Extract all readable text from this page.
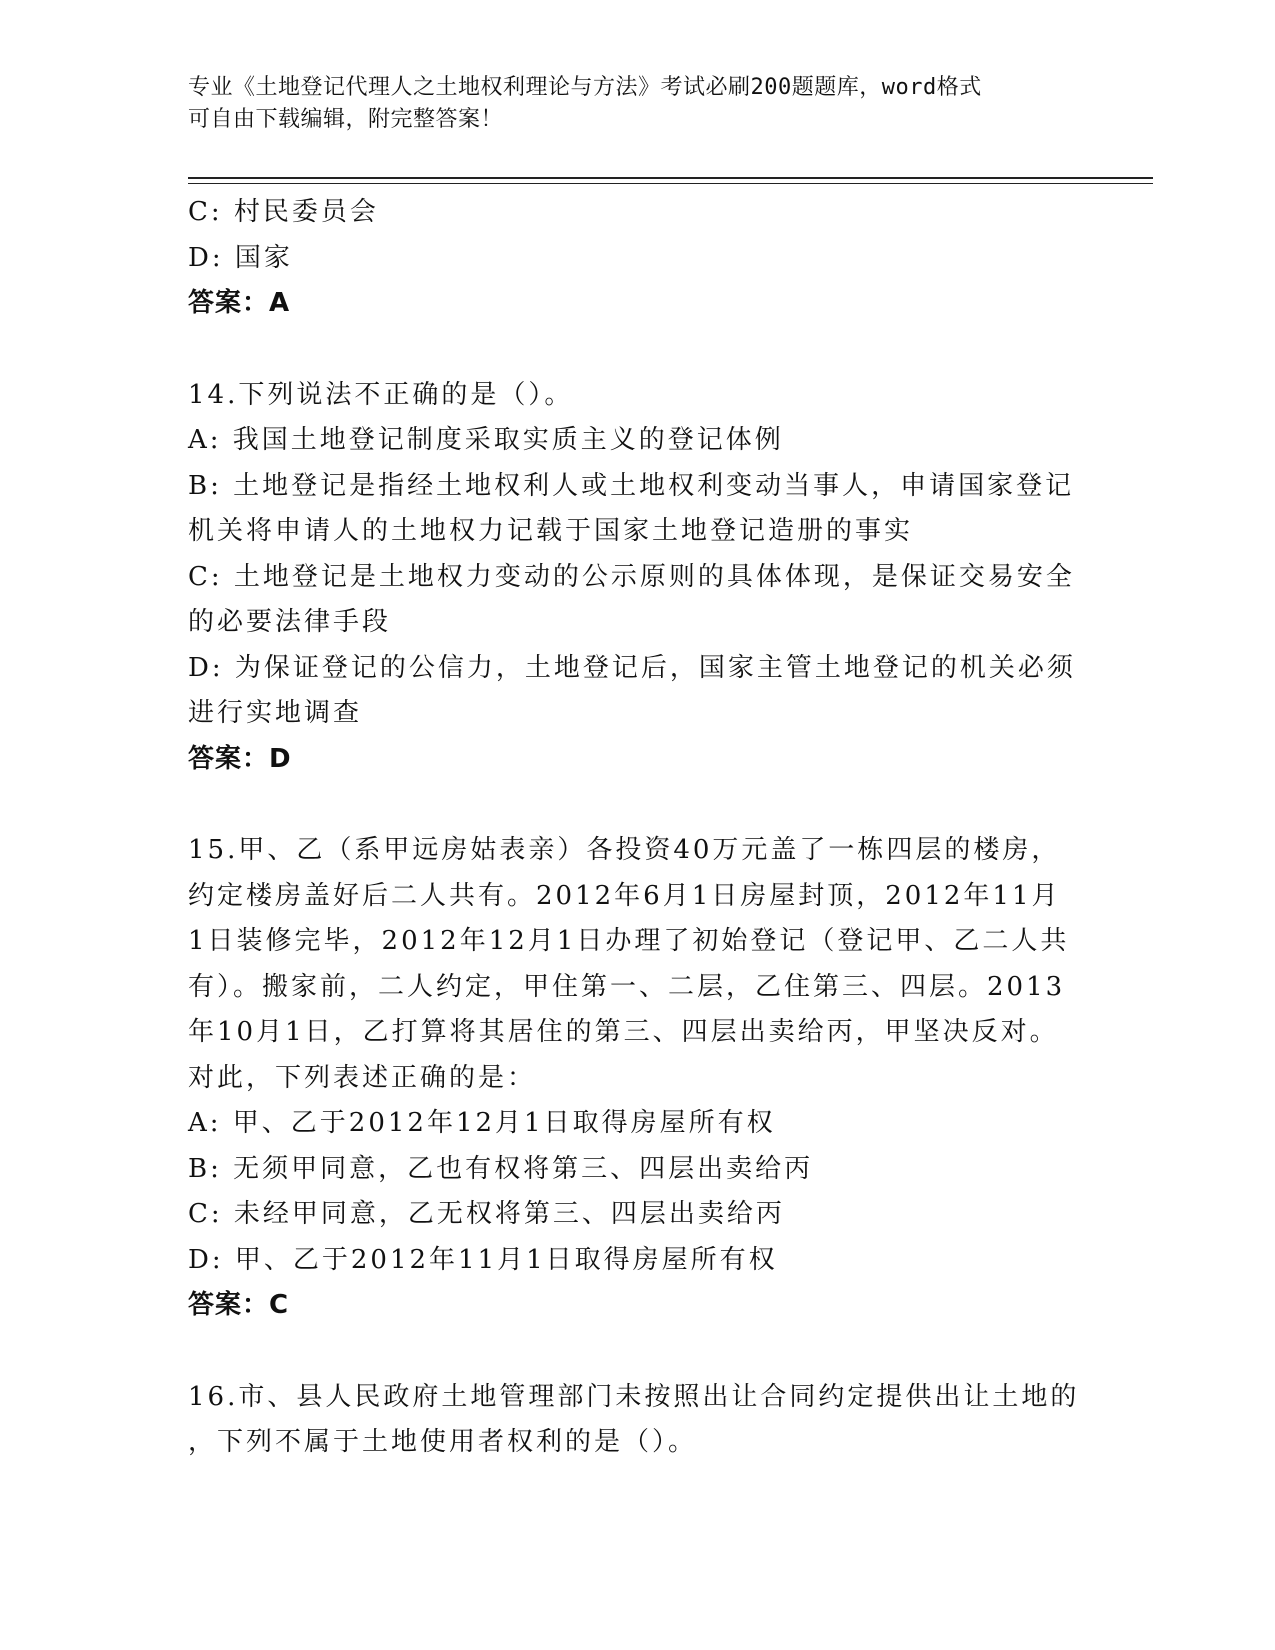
专业《土地登记代理人之土地权利理论与方法》考试必刷200题题库，word格式
可自由下载编辑，附完整答案！

C: 村民委员会

D: 国家

答案：A

14.下列说法不正确的是（）。

A: 我国土地登记制度采取实质主义的登记体例

B: 土地登记是指经土地权利人或土地权利变动当事人，申请国家登记

机关将申请人的土地权力记载于国家土地登记造册的事实

C: 土地登记是土地权力变动的公示原则的具体体现，是保证交易安全

的必要法律手段

D: 为保证登记的公信力，土地登记后，国家主管土地登记的机关必须

进行实地调查

答案：D

15.甲、乙（系甲远房姑表亲）各投资40万元盖了一栋四层的楼房，

约定楼房盖好后二人共有。2012年6月1日房屋封顶，2012年11月

1日装修完毕，2012年12月1日办理了初始登记（登记甲、乙二人共

有）。搬家前，二人约定，甲住第一、二层，乙住第三、四层。2013

年10月1日，乙打算将其居住的第三、四层出卖给丙，甲坚决反对。

对此，下列表述正确的是：

A: 甲、乙于2012年12月1日取得房屋所有权

B: 无须甲同意，乙也有权将第三、四层出卖给丙

C: 未经甲同意，乙无权将第三、四层出卖给丙

D: 甲、乙于2012年11月1日取得房屋所有权

答案：C

16.市、县人民政府土地管理部门未按照出让合同约定提供出让土地的

，下列不属于土地使用者权利的是（）。
